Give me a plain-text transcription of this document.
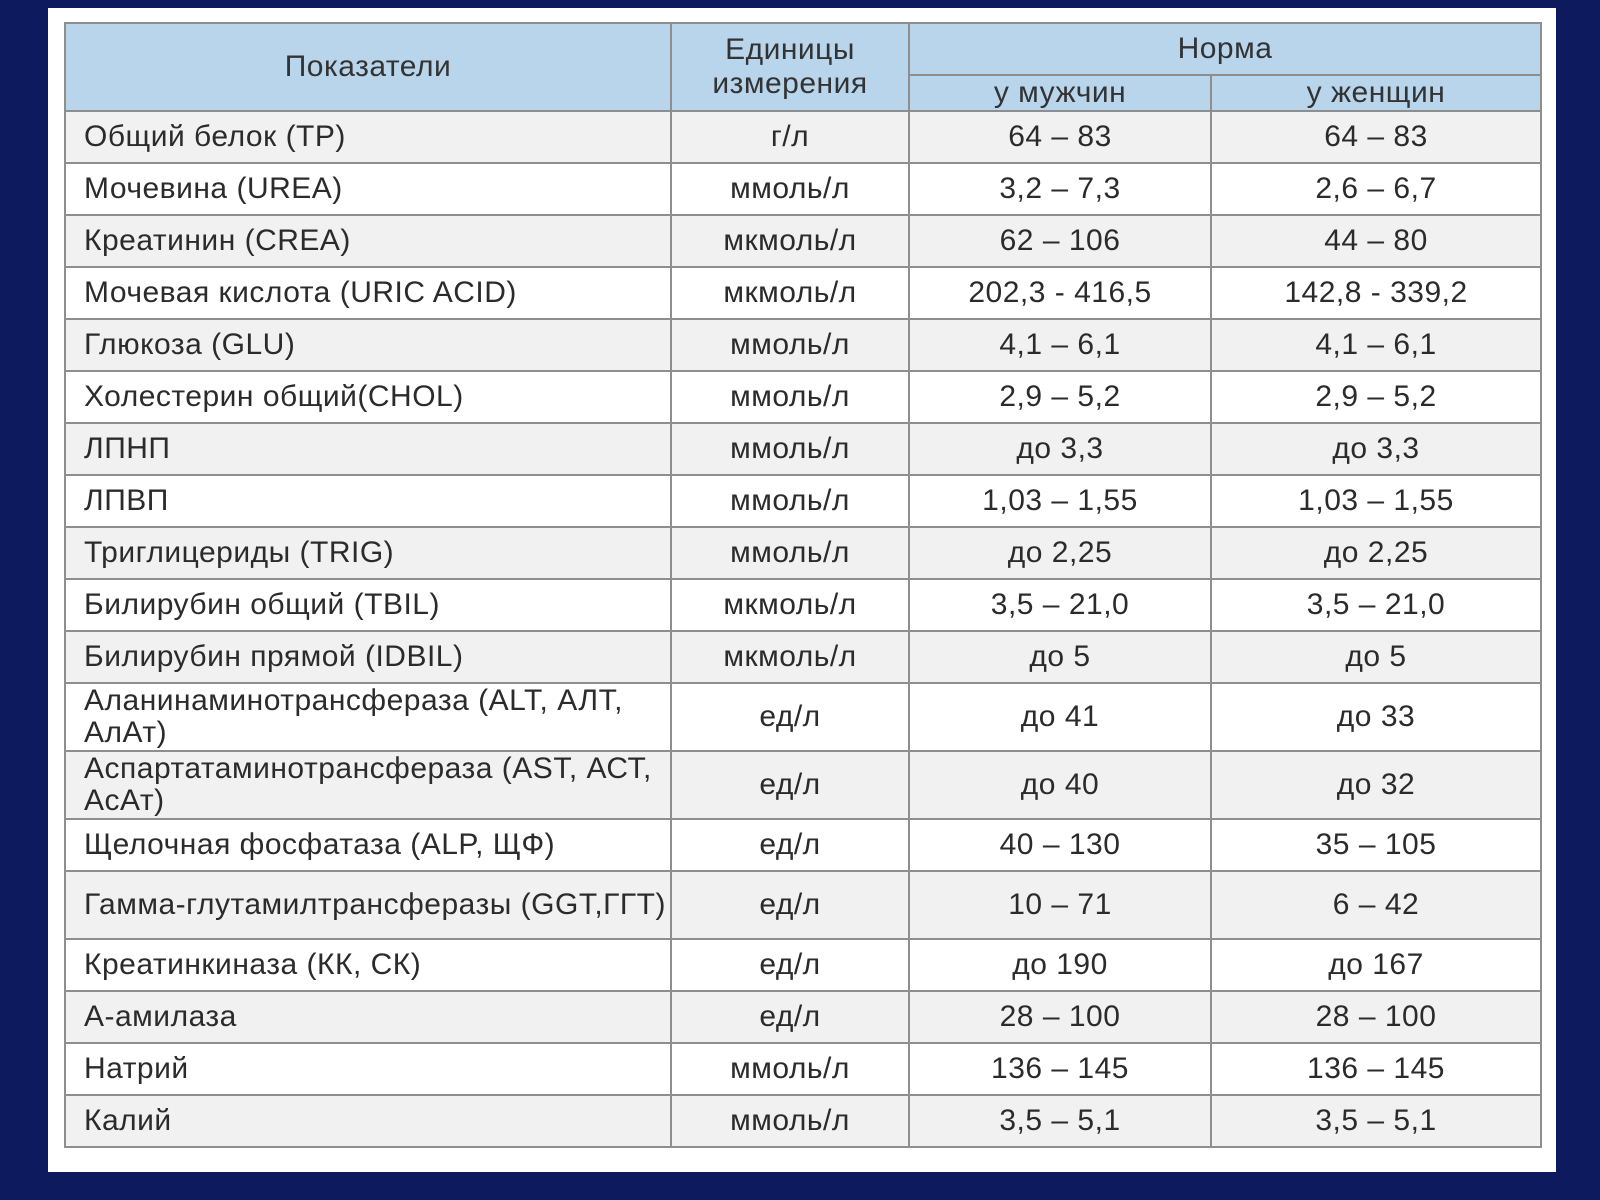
Показатели	Единицы измерения	Норма	
		у мужчин	у женщин
Общий белок (TP)	г/л	64 – 83	64 – 83
Мочевина (UREA)	ммоль/л	3,2 – 7,3	2,6 – 6,7
Креатинин (CREA)	мкмоль/л	62 – 106	44 – 80
Мочевая кислота (URIC ACID)	мкмоль/л	202,3 - 416,5	142,8 - 339,2
Глюкоза (GLU)	ммоль/л	4,1 – 6,1	4,1 – 6,1
Холестерин общий(CHOL)	ммоль/л	2,9 – 5,2	2,9 – 5,2
ЛПНП	ммоль/л	до 3,3	до 3,3
ЛПВП	ммоль/л	1,03 – 1,55	1,03 – 1,55
Триглицериды (TRIG)	ммоль/л	до 2,25	до 2,25
Билирубин общий (TBIL)	мкмоль/л	3,5 – 21,0	3,5 – 21,0
Билирубин прямой (IDBIL)	мкмоль/л	до 5	до 5
Аланинаминотрансфераза (ALT, АЛТ, АлАт)	ед/л	до 41	до 33
Аспартатаминотрансфераза (AST, АСТ, АсАт)	ед/л	до 40	до 32
Щелочная фосфатаза (ALP, ЩФ)	ед/л	40 – 130	35 – 105
Гамма-глутамилтрансферазы (GGT,ГГТ)	ед/л	10 – 71	6 – 42
Креатинкиназа (КК, СК)	ед/л	до 190	до 167
А-амилаза	ед/л	28 – 100	28 – 100
Натрий	ммоль/л	136 – 145	136 – 145
Калий	ммоль/л	3,5 – 5,1	3,5 – 5,1
